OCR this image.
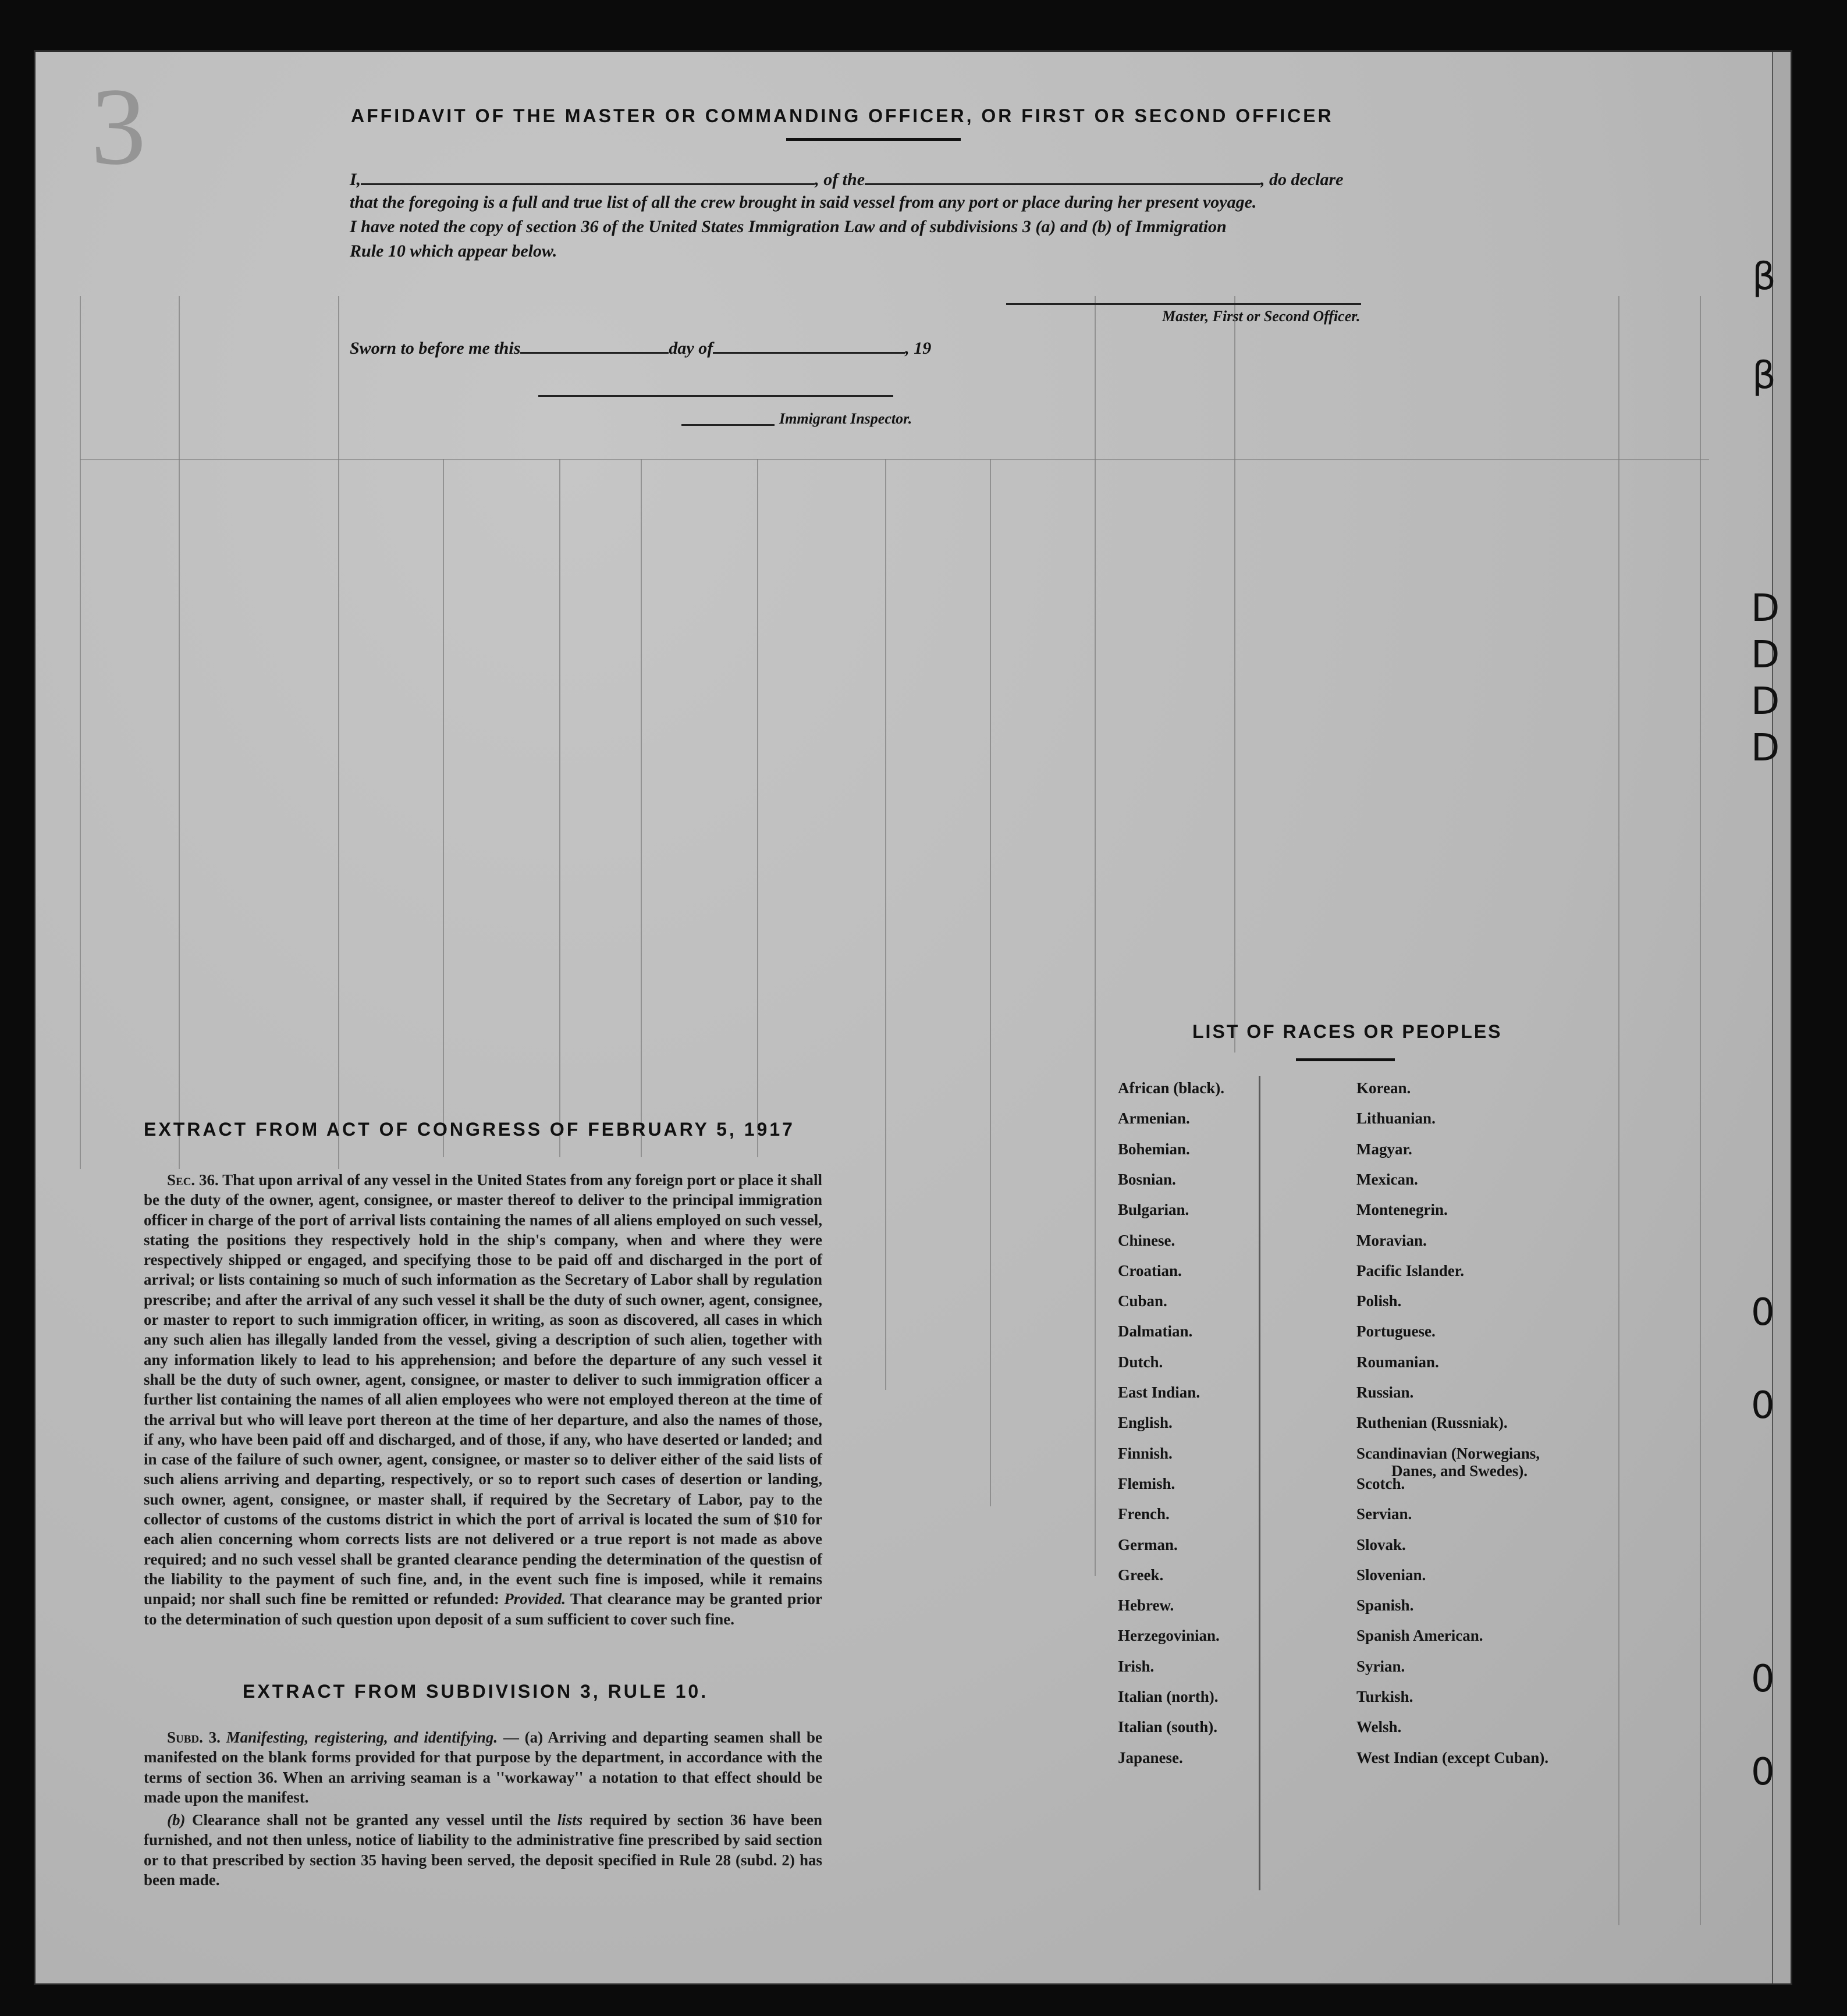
3
β
β
D
D
D
D
0
0
0
0
AFFIDAVIT OF THE MASTER OR COMMANDING OFFICER, OR FIRST OR SECOND OFFICER
I,	, of the	, do declare
that the foregoing is a full and true list of all the crew brought in said vessel from any port or place during her present voyage.
I have noted the copy of section 36 of the United States Immigration Law and of subdivisions 3 (a) and (b) of Immigration
Rule 10 which appear below.
Master, First or Second Officer.
Sworn to before me this	day of	, 19
Immigrant Inspector.
EXTRACT FROM ACT OF CONGRESS OF FEBRUARY 5, 1917
Sec. 36. That upon arrival of any vessel in the United States from any foreign port or place it shall be the duty of the owner, agent, consignee, or master thereof to deliver to the principal immigration officer in charge of the port of arrival lists containing the names of all aliens employed on such vessel, stating the positions they respectively hold in the ship's company, when and where they were respectively shipped or engaged, and specifying those to be paid off and discharged in the port of arrival; or lists containing so much of such information as the Secretary of Labor shall by regulation prescribe; and after the arrival of any such vessel it shall be the duty of such owner, agent, consignee, or master to report to such immigration officer, in writing, as soon as discovered, all cases in which any such alien has illegally landed from the vessel, giving a description of such alien, together with any information likely to lead to his apprehension; and before the departure of any such vessel it shall be the duty of such owner, agent, consignee, or master to deliver to such immigration officer a further list containing the names of all alien employees who were not employed thereon at the time of the arrival but who will leave port thereon at the time of her departure, and also the names of those, if any, who have been paid off and discharged, and of those, if any, who have deserted or landed; and in case of the failure of such owner, agent, consignee, or master so to deliver either of the said lists of such aliens arriving and departing, respectively, or so to report such cases of desertion or landing, such owner, agent, consignee, or master shall, if required by the Secretary of Labor, pay to the collector of customs of the customs district in which the port of arrival is located the sum of $10 for each alien concerning whom corrects lists are not delivered or a true report is not made as above required; and no such vessel shall be granted clearance pending the determination of the questisn of the liability to the payment of such fine, and, in the event such fine is imposed, while it remains unpaid; nor shall such fine be remitted or refunded: Provided. That clearance may be granted prior to the determination of such question upon deposit of a sum sufficient to cover such fine.
EXTRACT FROM SUBDIVISION 3, RULE 10.
Subd. 3. Manifesting, registering, and identifying. — (a) Arriving and departing seamen shall be manifested on the blank forms provided for that purpose by the department, in accordance with the terms of section 36. When an arriving seaman is a ''workaway'' a notation to that effect should be made upon the manifest.
(b) Clearance shall not be granted any vessel until the lists required by section 36 have been furnished, and not then unless, notice of liability to the administrative fine prescribed by said section or to that prescribed by section 35 having been served, the deposit specified in Rule 28 (subd. 2) has been made.
LIST OF RACES OR PEOPLES
African (black).
Armenian.
Bohemian.
Bosnian.
Bulgarian.
Chinese.
Croatian.
Cuban.
Dalmatian.
Dutch.
East Indian.
English.
Finnish.
Flemish.
French.
German.
Greek.
Hebrew.
Herzegovinian.
Irish.
Italian (north).
Italian (south).
Japanese.
Korean.
Lithuanian.
Magyar.
Mexican.
Montenegrin.
Moravian.
Pacific Islander.
Polish.
Portuguese.
Roumanian.
Russian.
Ruthenian (Russniak).
Scandinavian (Norwegians,
Danes, and Swedes).
Scotch.
Servian.
Slovak.
Slovenian.
Spanish.
Spanish American.
Syrian.
Turkish.
Welsh.
West Indian (except Cuban).
